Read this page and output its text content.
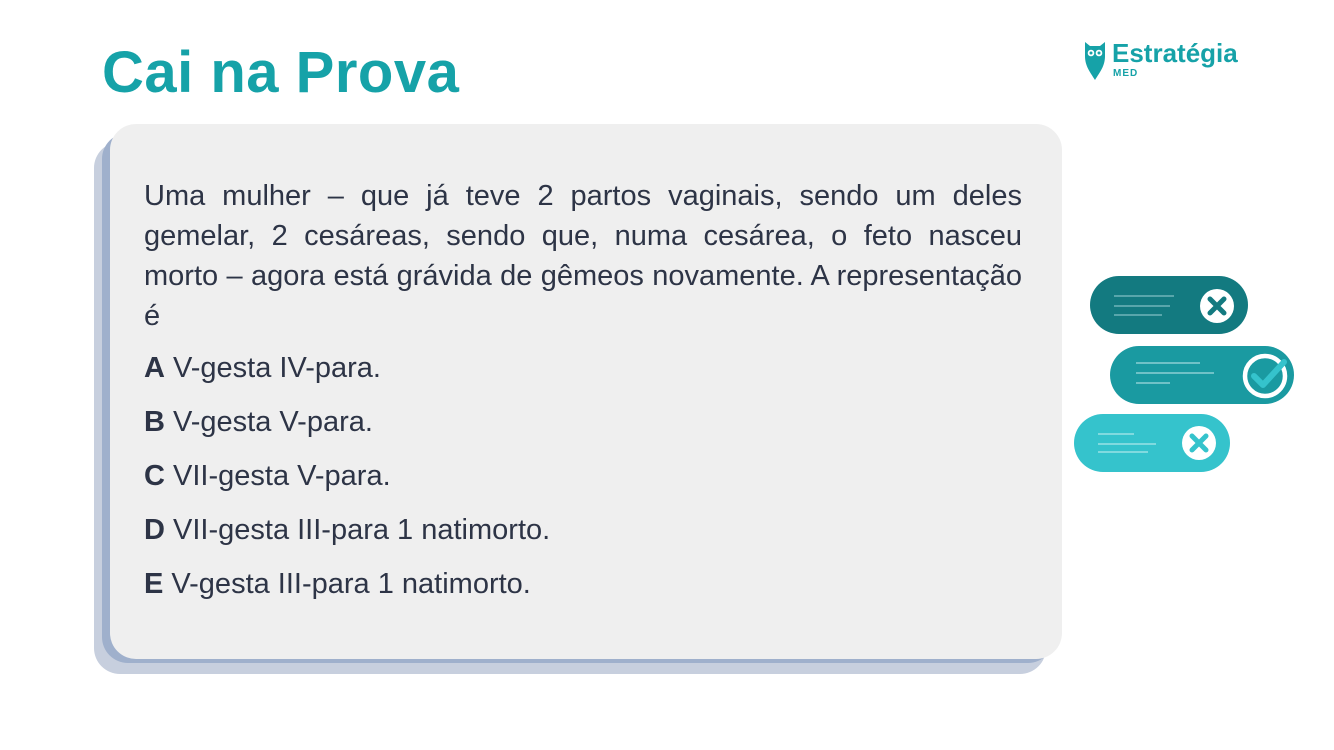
Cai na Prova	Estratégia
MED

Uma mulher – que já teve 2 partos vaginais, sendo um deles gemelar, 2 cesáreas, sendo que, numa cesárea, o feto nasceu morto – agora está grávida de gêmeos novamente. A representação é

A V-gesta IV-para.
B V-gesta V-para.
C VII-gesta V-para.
D VII-gesta III-para 1 natimorto.
E V-gesta III-para 1 natimorto.
